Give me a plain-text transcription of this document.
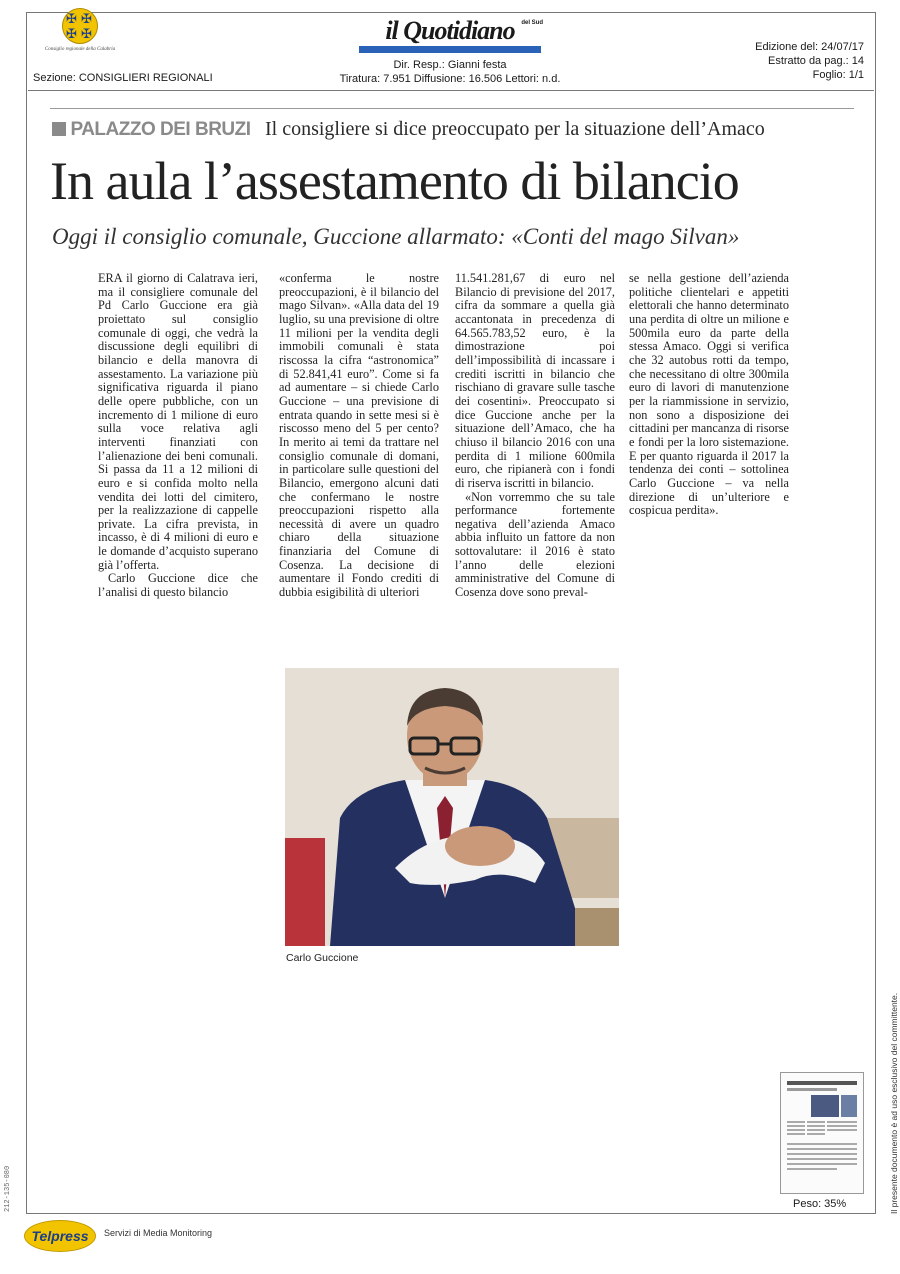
✠ ✠
✠ ✠
Consiglio regionale della Calabria
Sezione: CONSIGLIERI REGIONALI
il Quotidiano	del Sud
Dir. Resp.: Gianni festa
Tiratura: 7.951 Diffusione: 16.506 Lettori: n.d.
Edizione del: 24/07/17
Estratto da pag.: 14
Foglio: 1/1
PALAZZO DEI BRUZI Il consigliere si dice preoccupato per la situazione dell’Amaco
In aula l’assestamento di bilancio
Oggi il consiglio comunale, Guccione allarmato: «Conti del mago Silvan»

ERA il giorno di Calatrava ieri, ma il consigliere comunale del Pd Carlo Guccione era già proiettato sul consiglio comunale di oggi, che vedrà la discussione degli equilibri di bilancio e della manovra di assestamento. La variazione più significativa riguarda il piano delle opere pubbliche, con un incremento di 1 milione di euro sulla voce relativa agli interventi finanziati con l’alienazione dei beni comunali. Si passa da 11 a 12 milioni di euro e si confida molto nella vendita dei lotti del cimitero, per la realizzazione di cappelle private. La cifra prevista, in incasso, è di 4 milioni di euro e le domande d’acquisto superano già l’offerta.

Carlo Guccione dice che l’analisi di questo bilancio

«conferma le nostre preoccupazioni, è il bilancio del mago Silvan». «Alla data del 19 luglio, su una previsione di oltre 11 milioni per la vendita degli immobili comunali è stata riscossa la cifra “astronomica” di 52.841,41 euro”. Come si fa ad aumentare – si chiede Carlo Guccione – una previsione di entrata quando in sette mesi si è riscosso meno del 5 per cento? In merito ai temi da trattare nel consiglio comunale di domani, in particolare sulle questioni del Bilancio, emergono alcuni dati che confermano le nostre preoccupazioni rispetto alla necessità di avere un quadro chiaro della situazione finanziaria del Comune di Cosenza. La decisione di aumentare il Fondo crediti di dubbia esigibilità di ulteriori

11.541.281,67 di euro nel Bilancio di previsione del 2017, cifra da sommare a quella già accantonata in precedenza di 64.565.783,52 euro, è la dimostrazione poi dell’impossibilità di incassare i crediti iscritti in bilancio che rischiano di gravare sulle tasche dei cosentini». Preoccupato si dice Guccione anche per la situazione dell’Amaco, che ha chiuso il bilancio 2016 con una perdita di 1 milione 600mila euro, che ripianerà con i fondi di riserva iscritti in bilancio.

«Non vorremmo che su tale performance fortemente negativa dell’azienda Amaco abbia influito un fattore da non sottovalutare: il 2016 è stato l’anno delle elezioni amministrative del Comune di Cosenza dove sono preval-

se nella gestione dell’azienda politiche clientelari e appetiti elettorali che hanno determinato una perdita di oltre un milione e 500mila euro da parte della stessa Amaco. Oggi si verifica che 32 autobus rotti da tempo, che necessitano di oltre 300mila euro di lavori di manutenzione per la riammissione in servizio, non sono a disposizione dei cittadini per mancanza di risorse e fondi per la loro sistemazione. E per quanto riguarda il 2017 la tendenza dei conti – sottolinea Carlo Guccione – va nella direzione di un’ulteriore e cospicua perdita».

Carlo Guccione
Peso: 35%	Il presente documento è ad uso esclusivo del committente.
212-135-080
Telpress	Servizi di Media Monitoring
